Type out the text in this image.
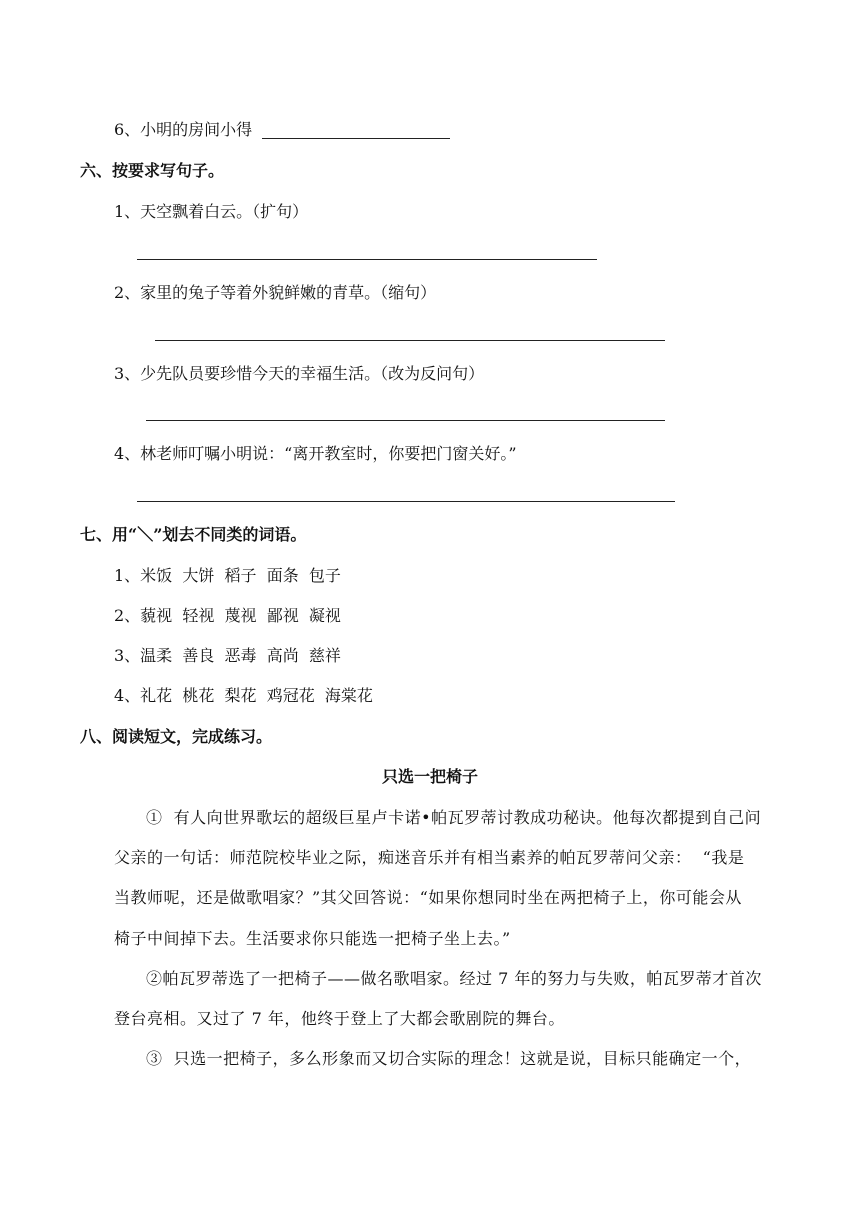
6、小明的房间小得
六、按要求写句子。
1、天空飘着白云。（扩句）
2、家里的兔子等着外貌鲜嫩的青草。（缩句）
3、少先队员要珍惜今天的幸福生活。（改为反问句）
4、林老师叮嘱小明说：“离开教室时，你要把门窗关好。”
七、用“＼”划去不同类的词语。
1、米饭  大饼  稻子  面条  包子
2、藐视  轻视  蔑视  鄙视  凝视
3、温柔  善良  恶毒  高尚  慈祥
4、礼花  桃花  梨花  鸡冠花  海棠花
八、阅读短文，完成练习。
只选一把椅子
①  有人向世界歌坛的超级巨星卢卡诺•帕瓦罗蒂讨教成功秘诀。他每次都提到自己问
父亲的一句话：师范院校毕业之际，痴迷音乐并有相当素养的帕瓦罗蒂问父亲：  “我是
当教师呢，还是做歌唱家？”其父回答说：“如果你想同时坐在两把椅子上，你可能会从
椅子中间掉下去。生活要求你只能选一把椅子坐上去。”
②帕瓦罗蒂选了一把椅子——做名歌唱家。经过 7 年的努力与失败，帕瓦罗蒂才首次
登台亮相。又过了 7 年，他终于登上了大都会歌剧院的舞台。
③  只选一把椅子，多么形象而又切合实际的理念！这就是说，目标只能确定一个，
